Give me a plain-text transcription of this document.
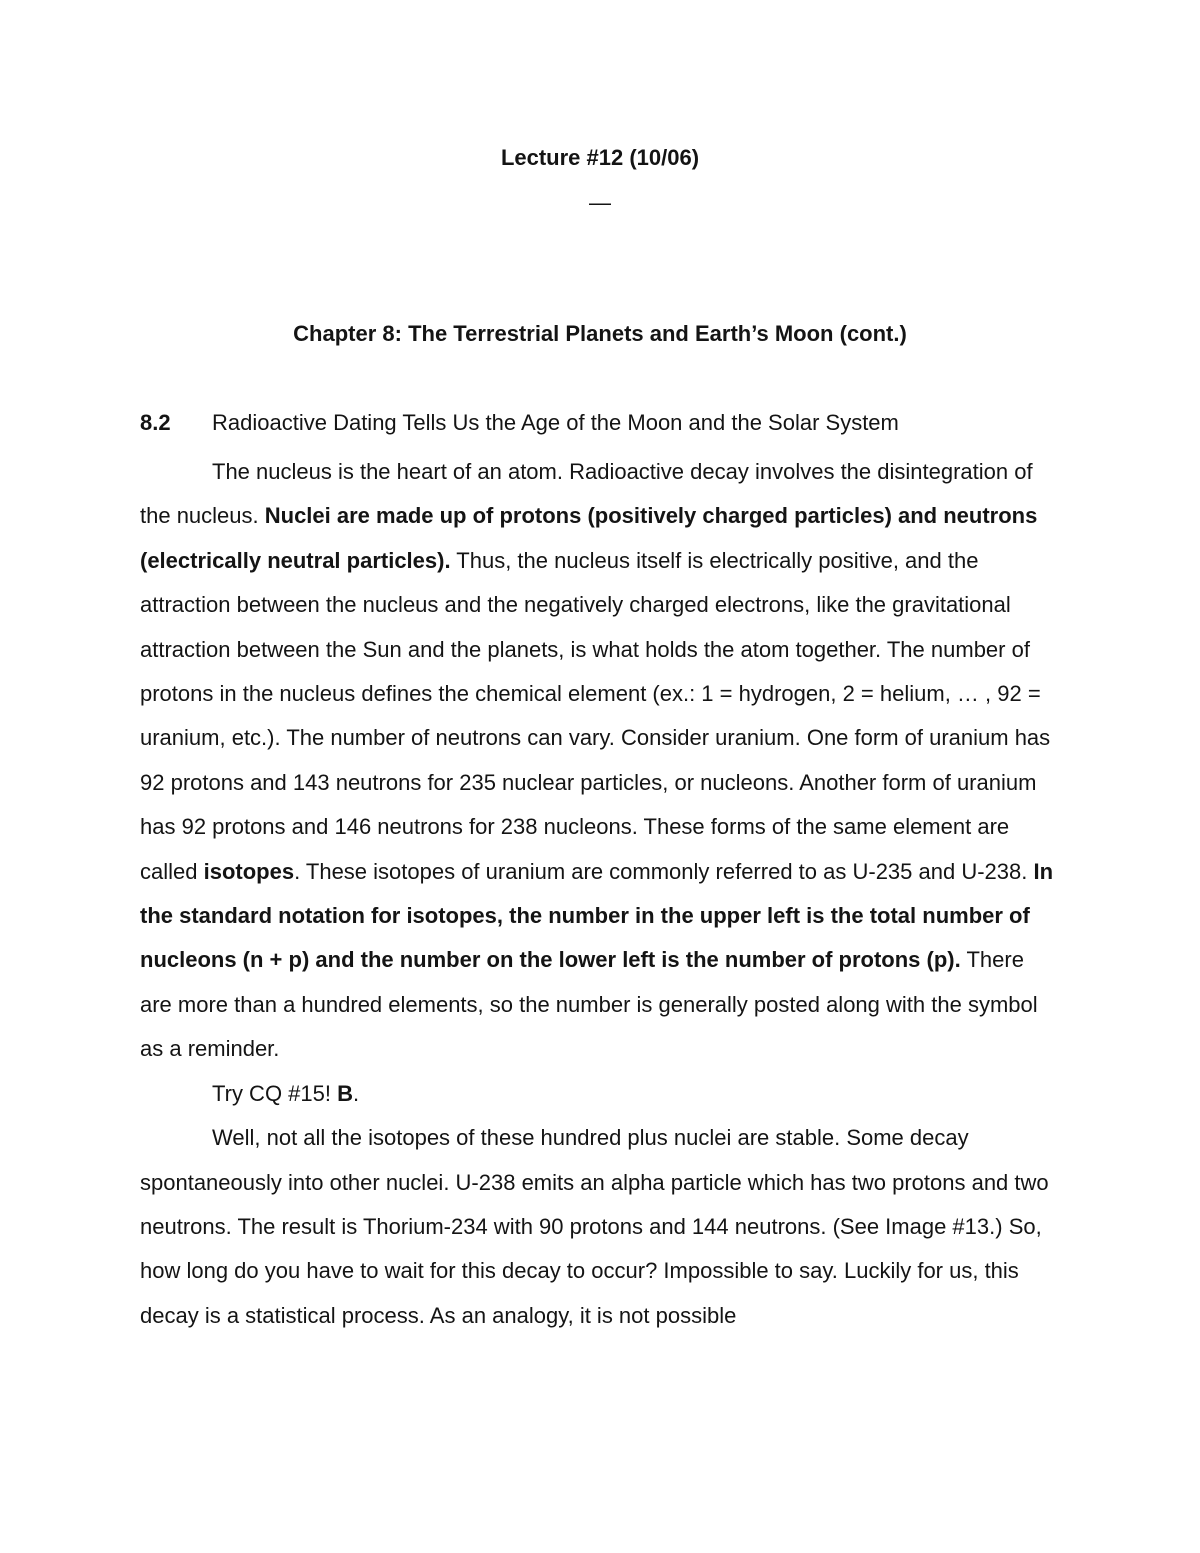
Lecture #12 (10/06)
—
Chapter 8: The Terrestrial Planets and Earth’s Moon (cont.)
8.2 Radioactive Dating Tells Us the Age of the Moon and the Solar System

The nucleus is the heart of an atom. Radioactive decay involves the disintegration of the nucleus. Nuclei are made up of protons (positively charged particles) and neutrons (electrically neutral particles). Thus, the nucleus itself is electrically positive, and the attraction between the nucleus and the negatively charged electrons, like the gravitational attraction between the Sun and the planets, is what holds the atom together. The number of protons in the nucleus defines the chemical element (ex.: 1 = hydrogen, 2 = helium, … , 92 = uranium, etc.). The number of neutrons can vary. Consider uranium. One form of uranium has 92 protons and 143 neutrons for 235 nuclear particles, or nucleons. Another form of uranium has 92 protons and 146 neutrons for 238 nucleons. These forms of the same element are called isotopes. These isotopes of uranium are commonly referred to as U-235 and U-238. In the standard notation for isotopes, the number in the upper left is the total number of nucleons (n + p) and the number on the lower left is the number of protons (p). There are more than a hundred elements, so the number is generally posted along with the symbol as a reminder.

Try CQ #15! B.

Well, not all the isotopes of these hundred plus nuclei are stable. Some decay spontaneously into other nuclei. U-238 emits an alpha particle which has two protons and two neutrons. The result is Thorium-234 with 90 protons and 144 neutrons. (See Image #13.) So, how long do you have to wait for this decay to occur? Impossible to say. Luckily for us, this decay is a statistical process. As an analogy, it is not possible
